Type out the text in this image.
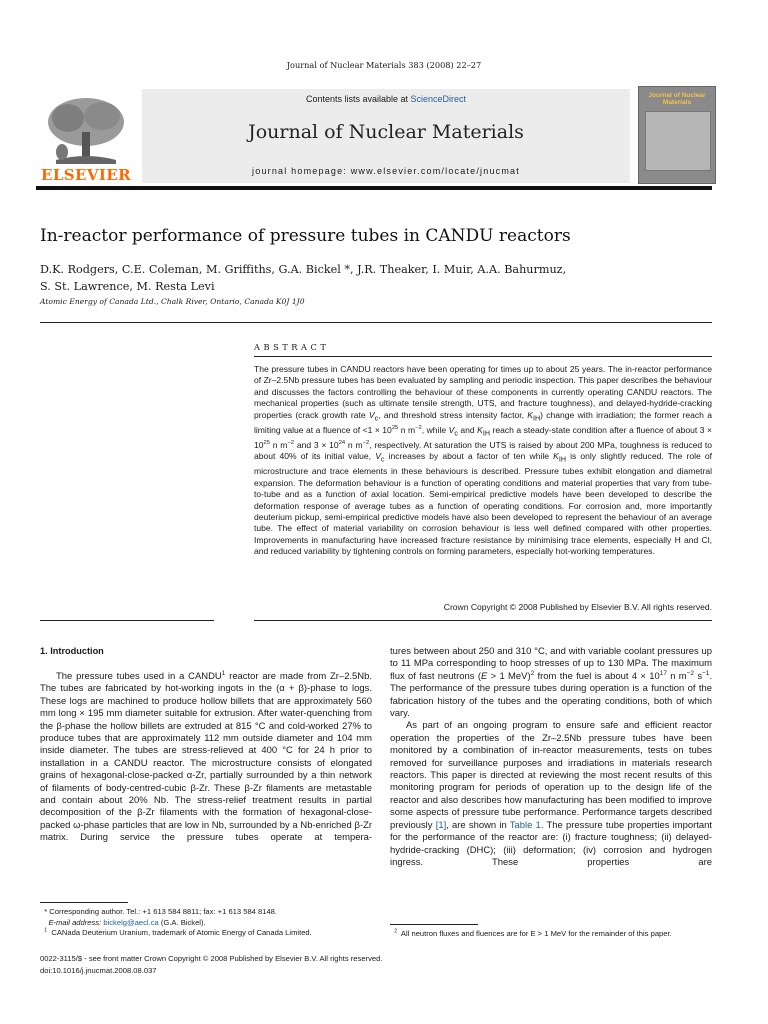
Journal of Nuclear Materials 383 (2008) 22–27
ELSEVIER
Contents lists available at ScienceDirect
Journal of Nuclear Materials
journal homepage: www.elsevier.com/locate/jnucmat
Journal of Nuclear Materials
In-reactor performance of pressure tubes in CANDU reactors
D.K. Rodgers, C.E. Coleman, M. Griffiths, G.A. Bickel *, J.R. Theaker, I. Muir, A.A. Bahurmuz,
S. St. Lawrence, M. Resta Levi
Atomic Energy of Canada Ltd., Chalk River, Ontario, Canada K0J 1J0
ABSTRACT
The pressure tubes in CANDU reactors have been operating for times up to about 25 years. The in-reactor performance of Zr–2.5Nb pressure tubes has been evaluated by sampling and periodic inspection. This paper describes the behaviour and discusses the factors controlling the behaviour of these components in currently operating CANDU reactors. The mechanical properties (such as ultimate tensile strength, UTS, and fracture toughness), and delayed-hydride-cracking properties (crack growth rate $V_c$, and threshold stress intensity factor, $K_{IH}$) change with irradiation; the former reach a limiting value at a fluence of $<1 \times 10^{25}$ n $m^{-2}$, while $V_c$ and $K_{IH}$ reach a steady-state condition after a fluence of about $3 \times 10^{25}$ n $m^{-2}$ and $3 \times 10^{24}$ n $m^{-2}$, respectively. At saturation the UTS is raised by about 200 MPa, toughness is reduced to about 40% of its initial value, $V_c$ increases by about a factor of ten while $K_{IH}$ is only slightly reduced. The role of microstructure and trace elements in these behaviours is described. Pressure tubes exhibit elongation and diametral expansion. The deformation behaviour is a function of operating conditions and material properties that vary from tube-to-tube and as a function of axial location. Semi-empirical predictive models have been developed to describe the deformation response of average tubes as a function of operating conditions. For corrosion and, more importantly deuterium pickup, semi-empirical predictive models have also been developed to represent the behaviour of an average tube. The effect of material variability on corrosion behaviour is less well defined compared with other properties. Improvements in manufacturing have increased fracture resistance by minimising trace elements, especially H and Cl, and reduced variability by tightening controls on forming parameters, especially hot-working temperatures.
Crown Copyright © 2008 Published by Elsevier B.V. All rights reserved.
1. Introduction

The pressure tubes used in a CANDU$^1$ reactor are made from Zr–2.5Nb. The tubes are fabricated by hot-working ingots in the (α + β)-phase to logs. These logs are machined to produce hollow billets that are approximately 560 mm long × 195 mm diameter suitable for extrusion. After water-quenching from the β-phase the hollow billets are extruded at 815 °C and cold-worked 27% to produce tubes that are approximately 112 mm outside diameter and 104 mm inside diameter. The tubes are stress-relieved at 400 °C for 24 h prior to installation in a CANDU reactor. The microstructure consists of elongated grains of hexagonal-close-packed α-Zr, partially surrounded by a thin network of filaments of body-centred-cubic β-Zr. These β-Zr filaments are metastable and contain about 20% Nb. The stress-relief treatment results in partial decomposition of the β-Zr filaments with the formation of hexagonal-close-packed ω-phase particles that are low in Nb, surrounded by a Nb-enriched β-Zr matrix. During service the pressure tubes operate at tempera-

tures between about 250 and 310 °C, and with variable coolant pressures up to 11 MPa corresponding to hoop stresses of up to 130 MPa. The maximum flux of fast neutrons (E > 1 MeV)$^2$ from the fuel is about $4 \times 10^{17}$ n $m^{-2}$ $s^{-1}$. The performance of the pressure tubes during operation is a function of the fabrication history of the tubes and the operating conditions, both of which vary.

As part of an ongoing program to ensure safe and efficient reactor operation the properties of the Zr–2.5Nb pressure tubes have been monitored by a combination of in-reactor measurements, tests on tubes removed for surveillance purposes and irradiations in materials research reactors. This paper is directed at reviewing the most recent results of this monitoring program for periods of operation up to the design life of the reactor and also describes how manufacturing has been modified to improve some aspects of pressure tube performance. Performance targets described previously [1], are shown in Table 1. The pressure tube properties important for the performance of the reactor are: (i) fracture toughness; (ii) delayed-hydride-cracking (DHC); (iii) deformation; (iv) corrosion and hydrogen ingress. These properties are

* Corresponding author. Tel.: +1 613 584 8811; fax: +1 613 584 8148.
E-mail address: bickelg@aecl.ca (G.A. Bickel).
$^1$ CANada Deuterium Uranium, trademark of Atomic Energy of Canada Limited.	$^2$ All neutron fluxes and fluences are for E > 1 MeV for the remainder of this paper.
0022-3115/$ - see front matter Crown Copyright © 2008 Published by Elsevier B.V. All rights reserved.
doi:10.1016/j.jnucmat.2008.08.037
